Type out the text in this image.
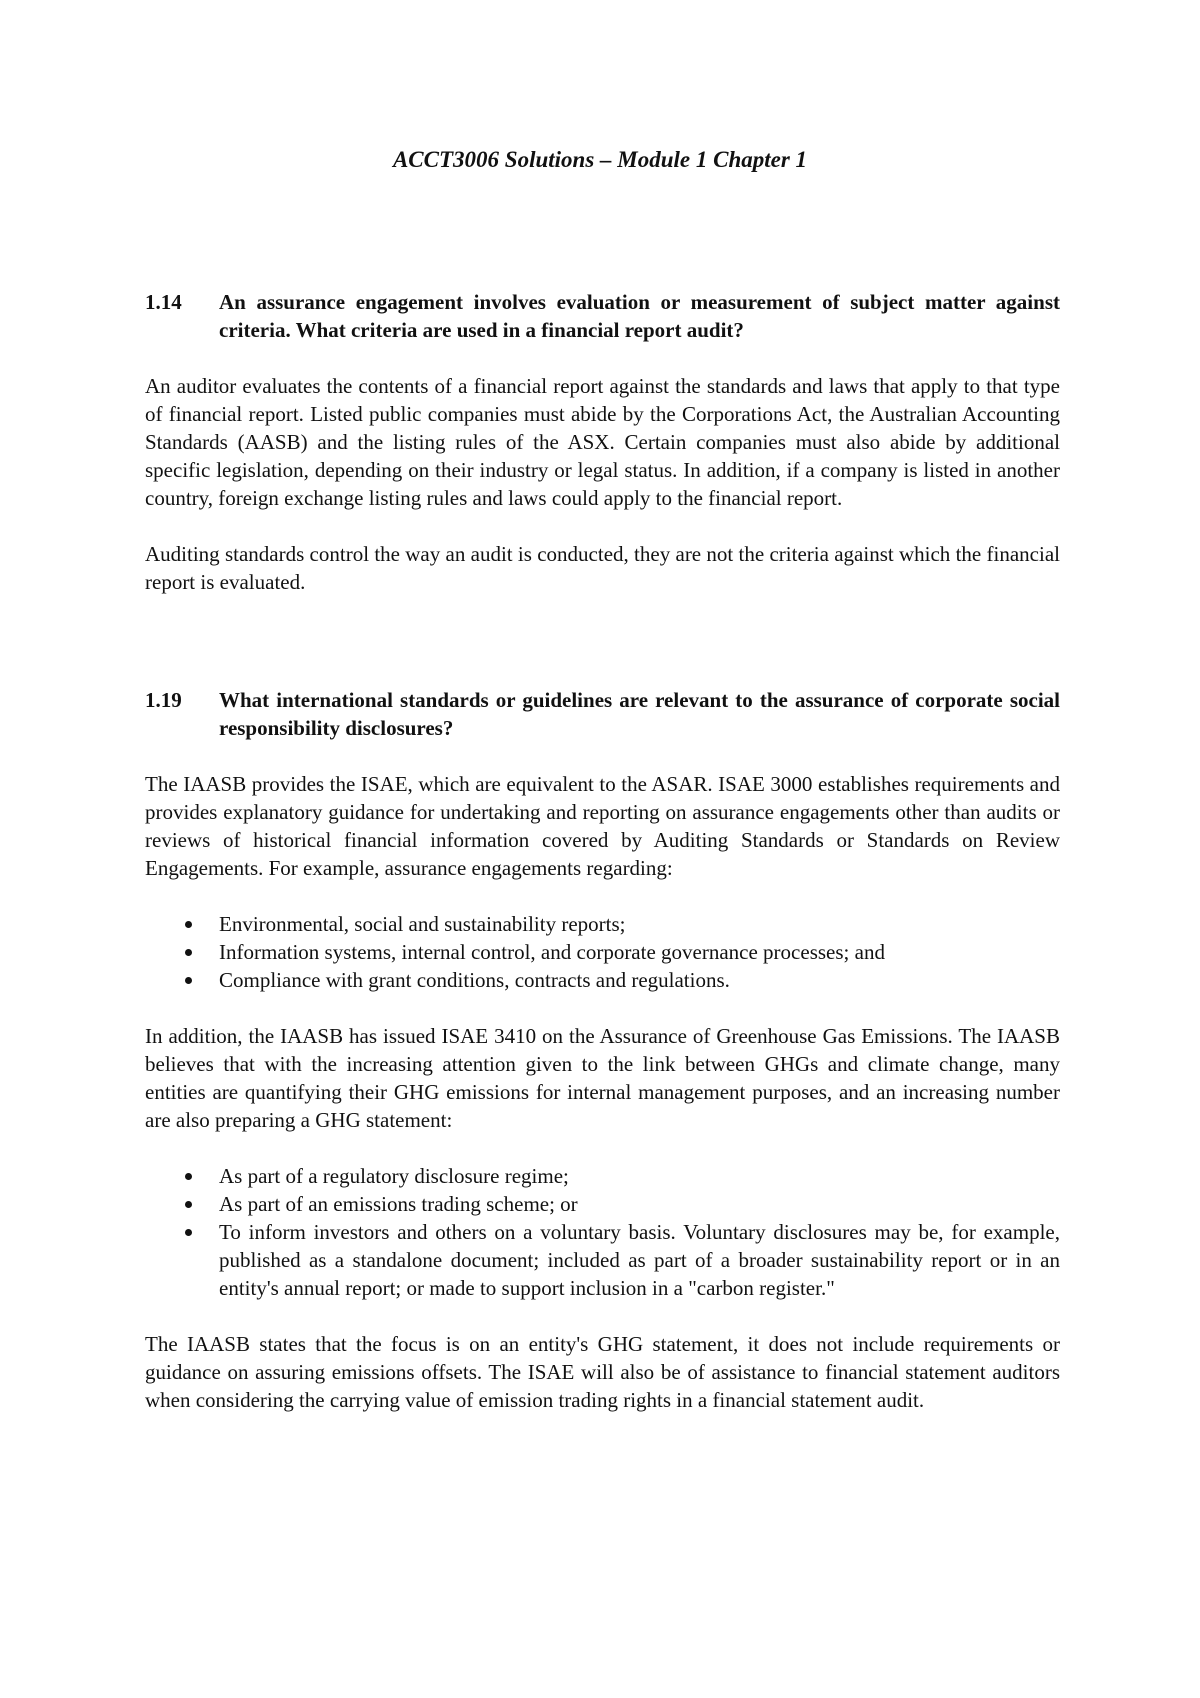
ACCT3006 Solutions – Module 1 Chapter 1
1.14	An assurance engagement involves evaluation or measurement of subject matter against criteria. What criteria are used in a financial report audit?

An auditor evaluates the contents of a financial report against the standards and laws that apply to that type of financial report. Listed public companies must abide by the Corporations Act, the Australian Accounting Standards (AASB) and the listing rules of the ASX. Certain companies must also abide by additional specific legislation, depending on their industry or legal status. In addition, if a company is listed in another country, foreign exchange listing rules and laws could apply to the financial report.

Auditing standards control the way an audit is conducted, they are not the criteria against which the financial report is evaluated.

1.19	What international standards or guidelines are relevant to the assurance of corporate social responsibility disclosures?

The IAASB provides the ISAE, which are equivalent to the ASAR. ISAE 3000 establishes requirements and provides explanatory guidance for undertaking and reporting on assurance engagements other than audits or reviews of historical financial information covered by Auditing Standards or Standards on Review Engagements. For example, assurance engagements regarding:

Environmental, social and sustainability reports;
Information systems, internal control, and corporate governance processes; and
Compliance with grant conditions, contracts and regulations.

In addition, the IAASB has issued ISAE 3410 on the Assurance of Greenhouse Gas Emissions. The IAASB believes that with the increasing attention given to the link between GHGs and climate change, many entities are quantifying their GHG emissions for internal management purposes, and an increasing number are also preparing a GHG statement:

As part of a regulatory disclosure regime;
As part of an emissions trading scheme; or
To inform investors and others on a voluntary basis. Voluntary disclosures may be, for example, published as a standalone document; included as part of a broader sustainability report or in an entity's annual report; or made to support inclusion in a "carbon register."

The IAASB states that the focus is on an entity's GHG statement, it does not include requirements or guidance on assuring emissions offsets. The ISAE will also be of assistance to financial statement auditors when considering the carrying value of emission trading rights in a financial statement audit.
